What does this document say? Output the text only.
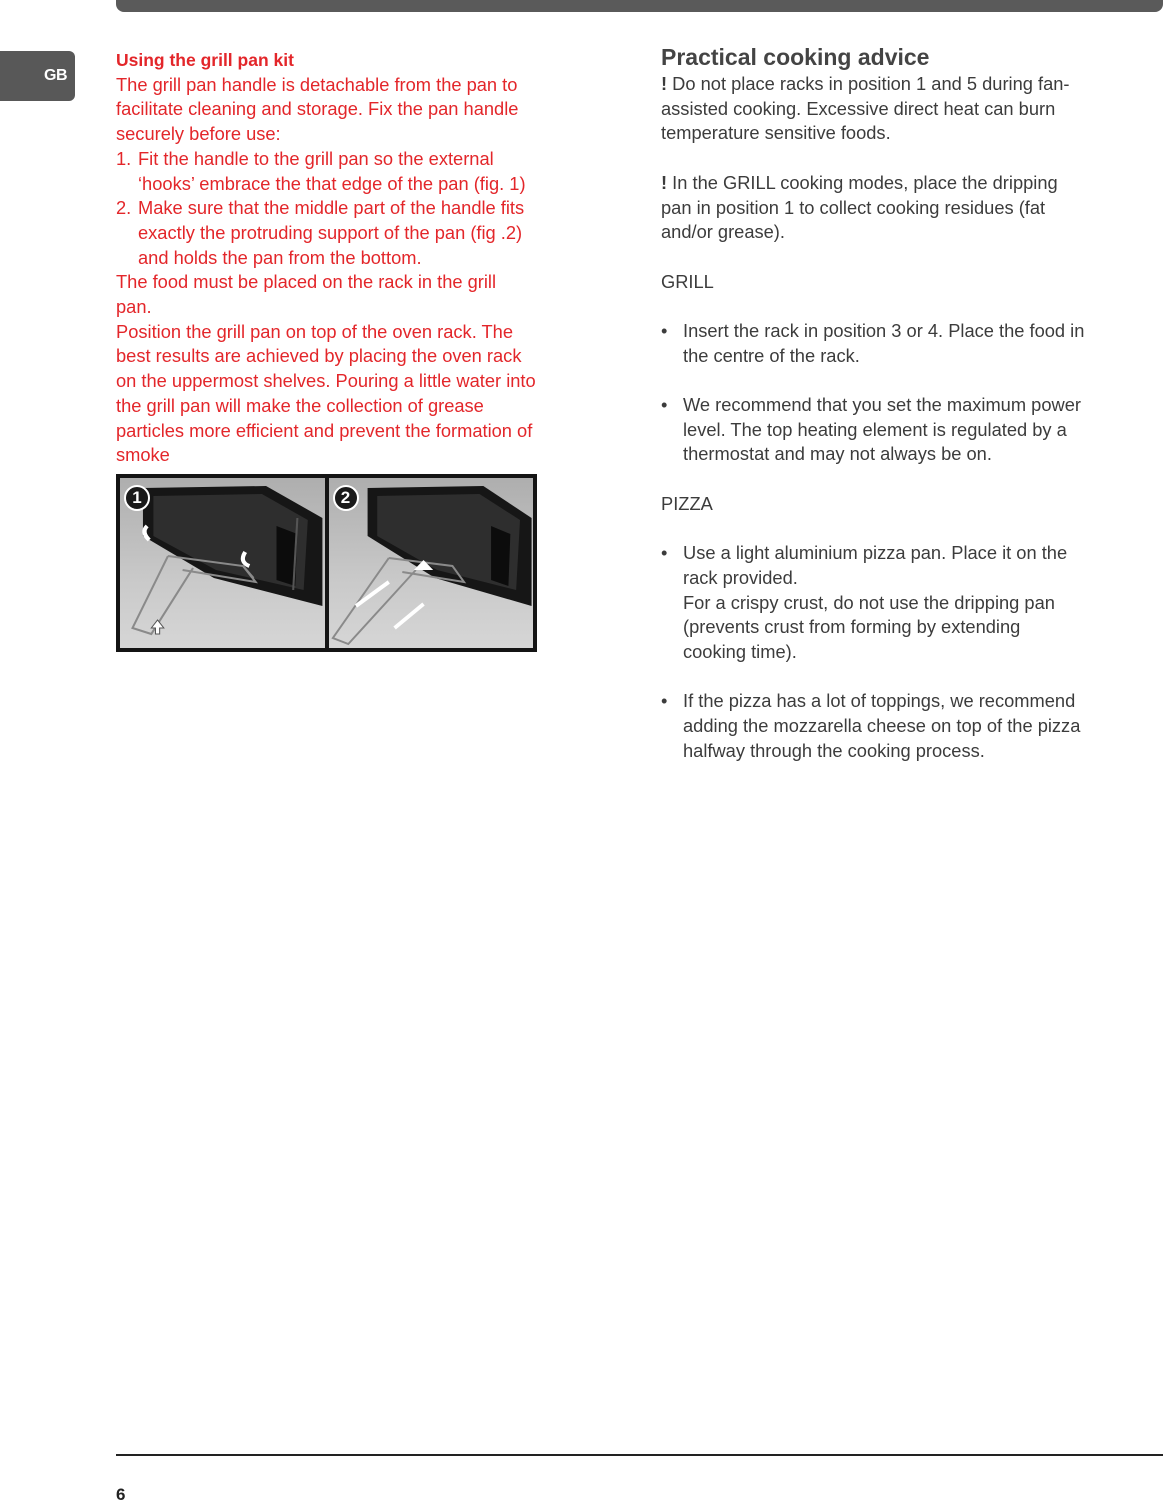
GB

Using the grill pan kit

The grill pan handle is detachable from the pan to

facilitate cleaning and storage. Fix the pan handle

securely before use:

1. Fit the handle to the grill pan so the external

‘hooks’ embrace the that edge of the pan (fig. 1)

2. Make sure that the middle part of the handle fits

exactly the protruding support of the pan (fig .2)

and holds the pan from the bottom.

The food must be placed on the rack in the grill

pan.

Position the grill pan on top of the oven rack. The

best results are achieved by placing the oven rack

on the uppermost shelves. Pouring a little water into

the grill pan will make the collection of grease

particles more efficient and prevent the formation of

smoke

1	2

Practical cooking advice

! Do not place racks in position 1 and 5 during fan-

assisted cooking. Excessive direct heat can burn

temperature sensitive foods.

! In the GRILL cooking modes, place the dripping

pan in position 1 to collect cooking residues (fat

and/or grease).

GRILL

• Insert the rack in position 3 or 4. Place the food in

the centre of the rack.

• We recommend that you set the maximum power

level. The top heating element is regulated by a

thermostat and may not always be on.

PIZZA

• Use a light aluminium pizza pan. Place it on the

rack provided.

For a crispy crust, do not use the dripping pan

(prevents crust from forming by extending

cooking time).

• If the pizza has a lot of toppings, we recommend

adding the mozzarella cheese on top of the pizza

halfway through the cooking process.

6
